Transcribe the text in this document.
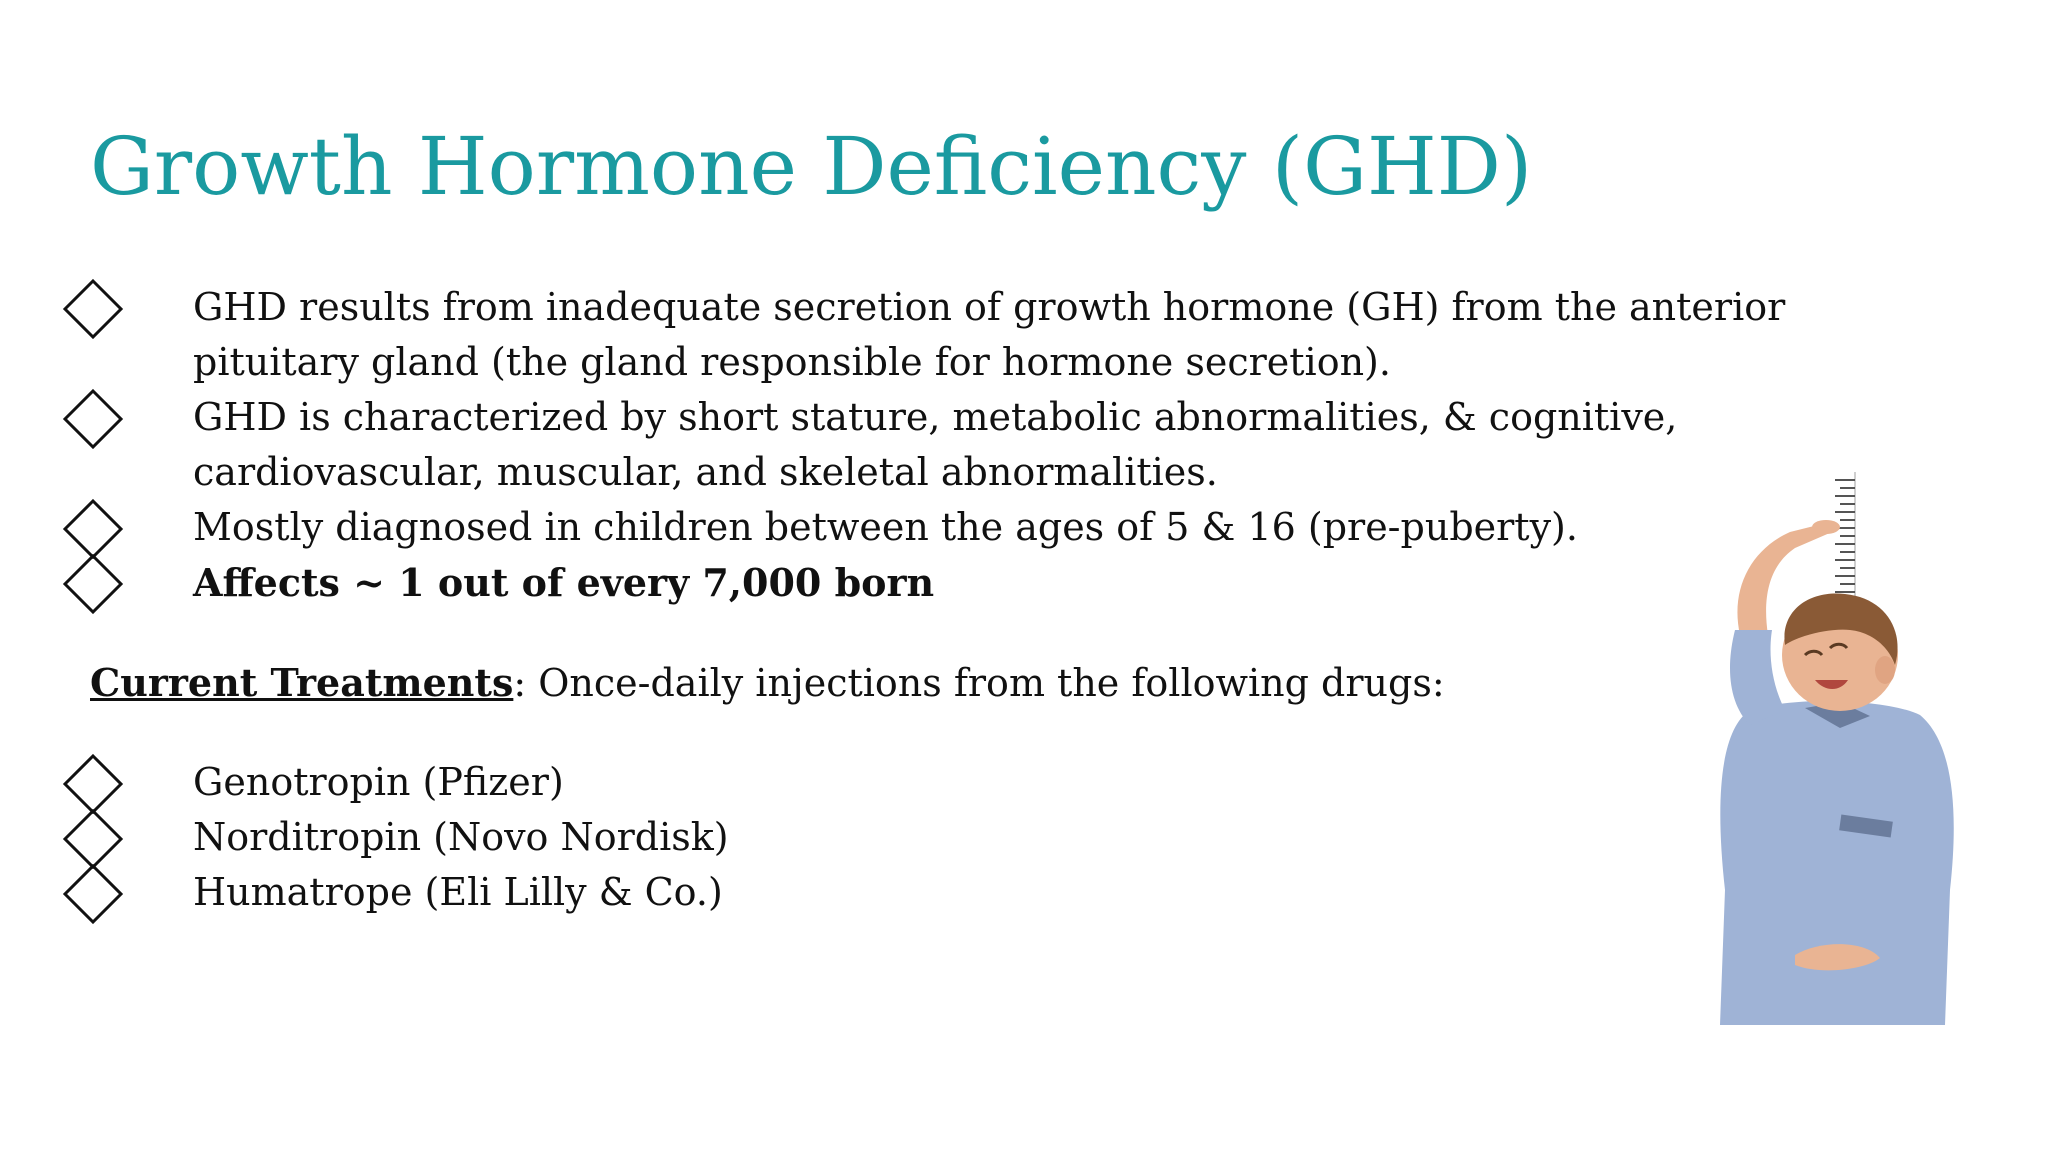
Growth Hormone Deficiency (GHD)
GHD results from inadequate secretion of growth hormone (GH) from the anterior pituitary gland (the gland responsible for hormone secretion).
GHD is characterized by short stature, metabolic abnormalities, & cognitive, cardiovascular, muscular, and skeletal abnormalities.
Mostly diagnosed in children between the ages of 5 & 16 (pre-puberty).
Affects ~ 1 out of every 7,000 born
Current Treatments: Once-daily injections from the following drugs:
Genotropin (Pfizer)
Norditropin (Novo Nordisk)
Humatrope (Eli Lilly & Co.)
